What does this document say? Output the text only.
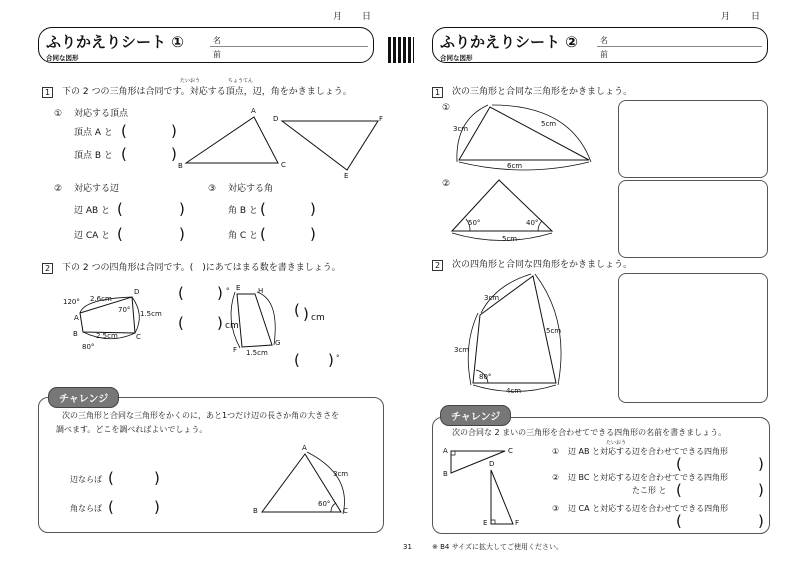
月 日
ふりかえりシート ①
合同な図形
名
前
1	下の 2 つの三角形は合同です。対応する頂点，辺，角をかきましょう。
たいおう	ちょうてん
① 対応する頂点
頂点 A と (	)
頂点 B と (	)
A
B	C
D
E
F
② 対応する辺
辺 AB と (	)
辺 CA と (	)
③ 対応する角
角 B と (	)
角 C と (	)
2	下の 2 つの四角形は合同です。(　)にあてはまる数を書きましょう。
120° 2.6cm
D
70° 1.5cm
A
2.5cm
B	C
80°
(
(
) °
) cm
E	H
F
G
1.5cm
( ) cm
( ) °
チャレンジ
次の三角形と合同な三角形をかくのに，あと1つだけ辺の長さか角の大きさを
調べます。どこを調べればよいでしょう。
辺ならば (	)
角ならば (	)
A
B	C
3cm
60°
31
月 日
ふりかえりシート ②
合同な図形
名
前
1	次の三角形と合同な三角形をかきましょう。
①
②
3cm
5cm
6cm
50°	40°
5cm
2	次の四角形と合同な四角形をかきましょう。
3cm
5cm
3cm
4cm
80°
チャレンジ
次の合同な 2 まいの三角形を合わせてできる四角形の名前を書きましょう。
A
B
C
D
E	F
① 辺 AB と対応する辺を合わせてできる四角形
たいおう
(	)
② 辺 BC と対応する辺を合わせてできる四角形
たこ形 と (	)
③ 辺 CA と対応する辺を合わせてできる四角形
(	)
※ B4 サイズに拡大してご使用ください。
